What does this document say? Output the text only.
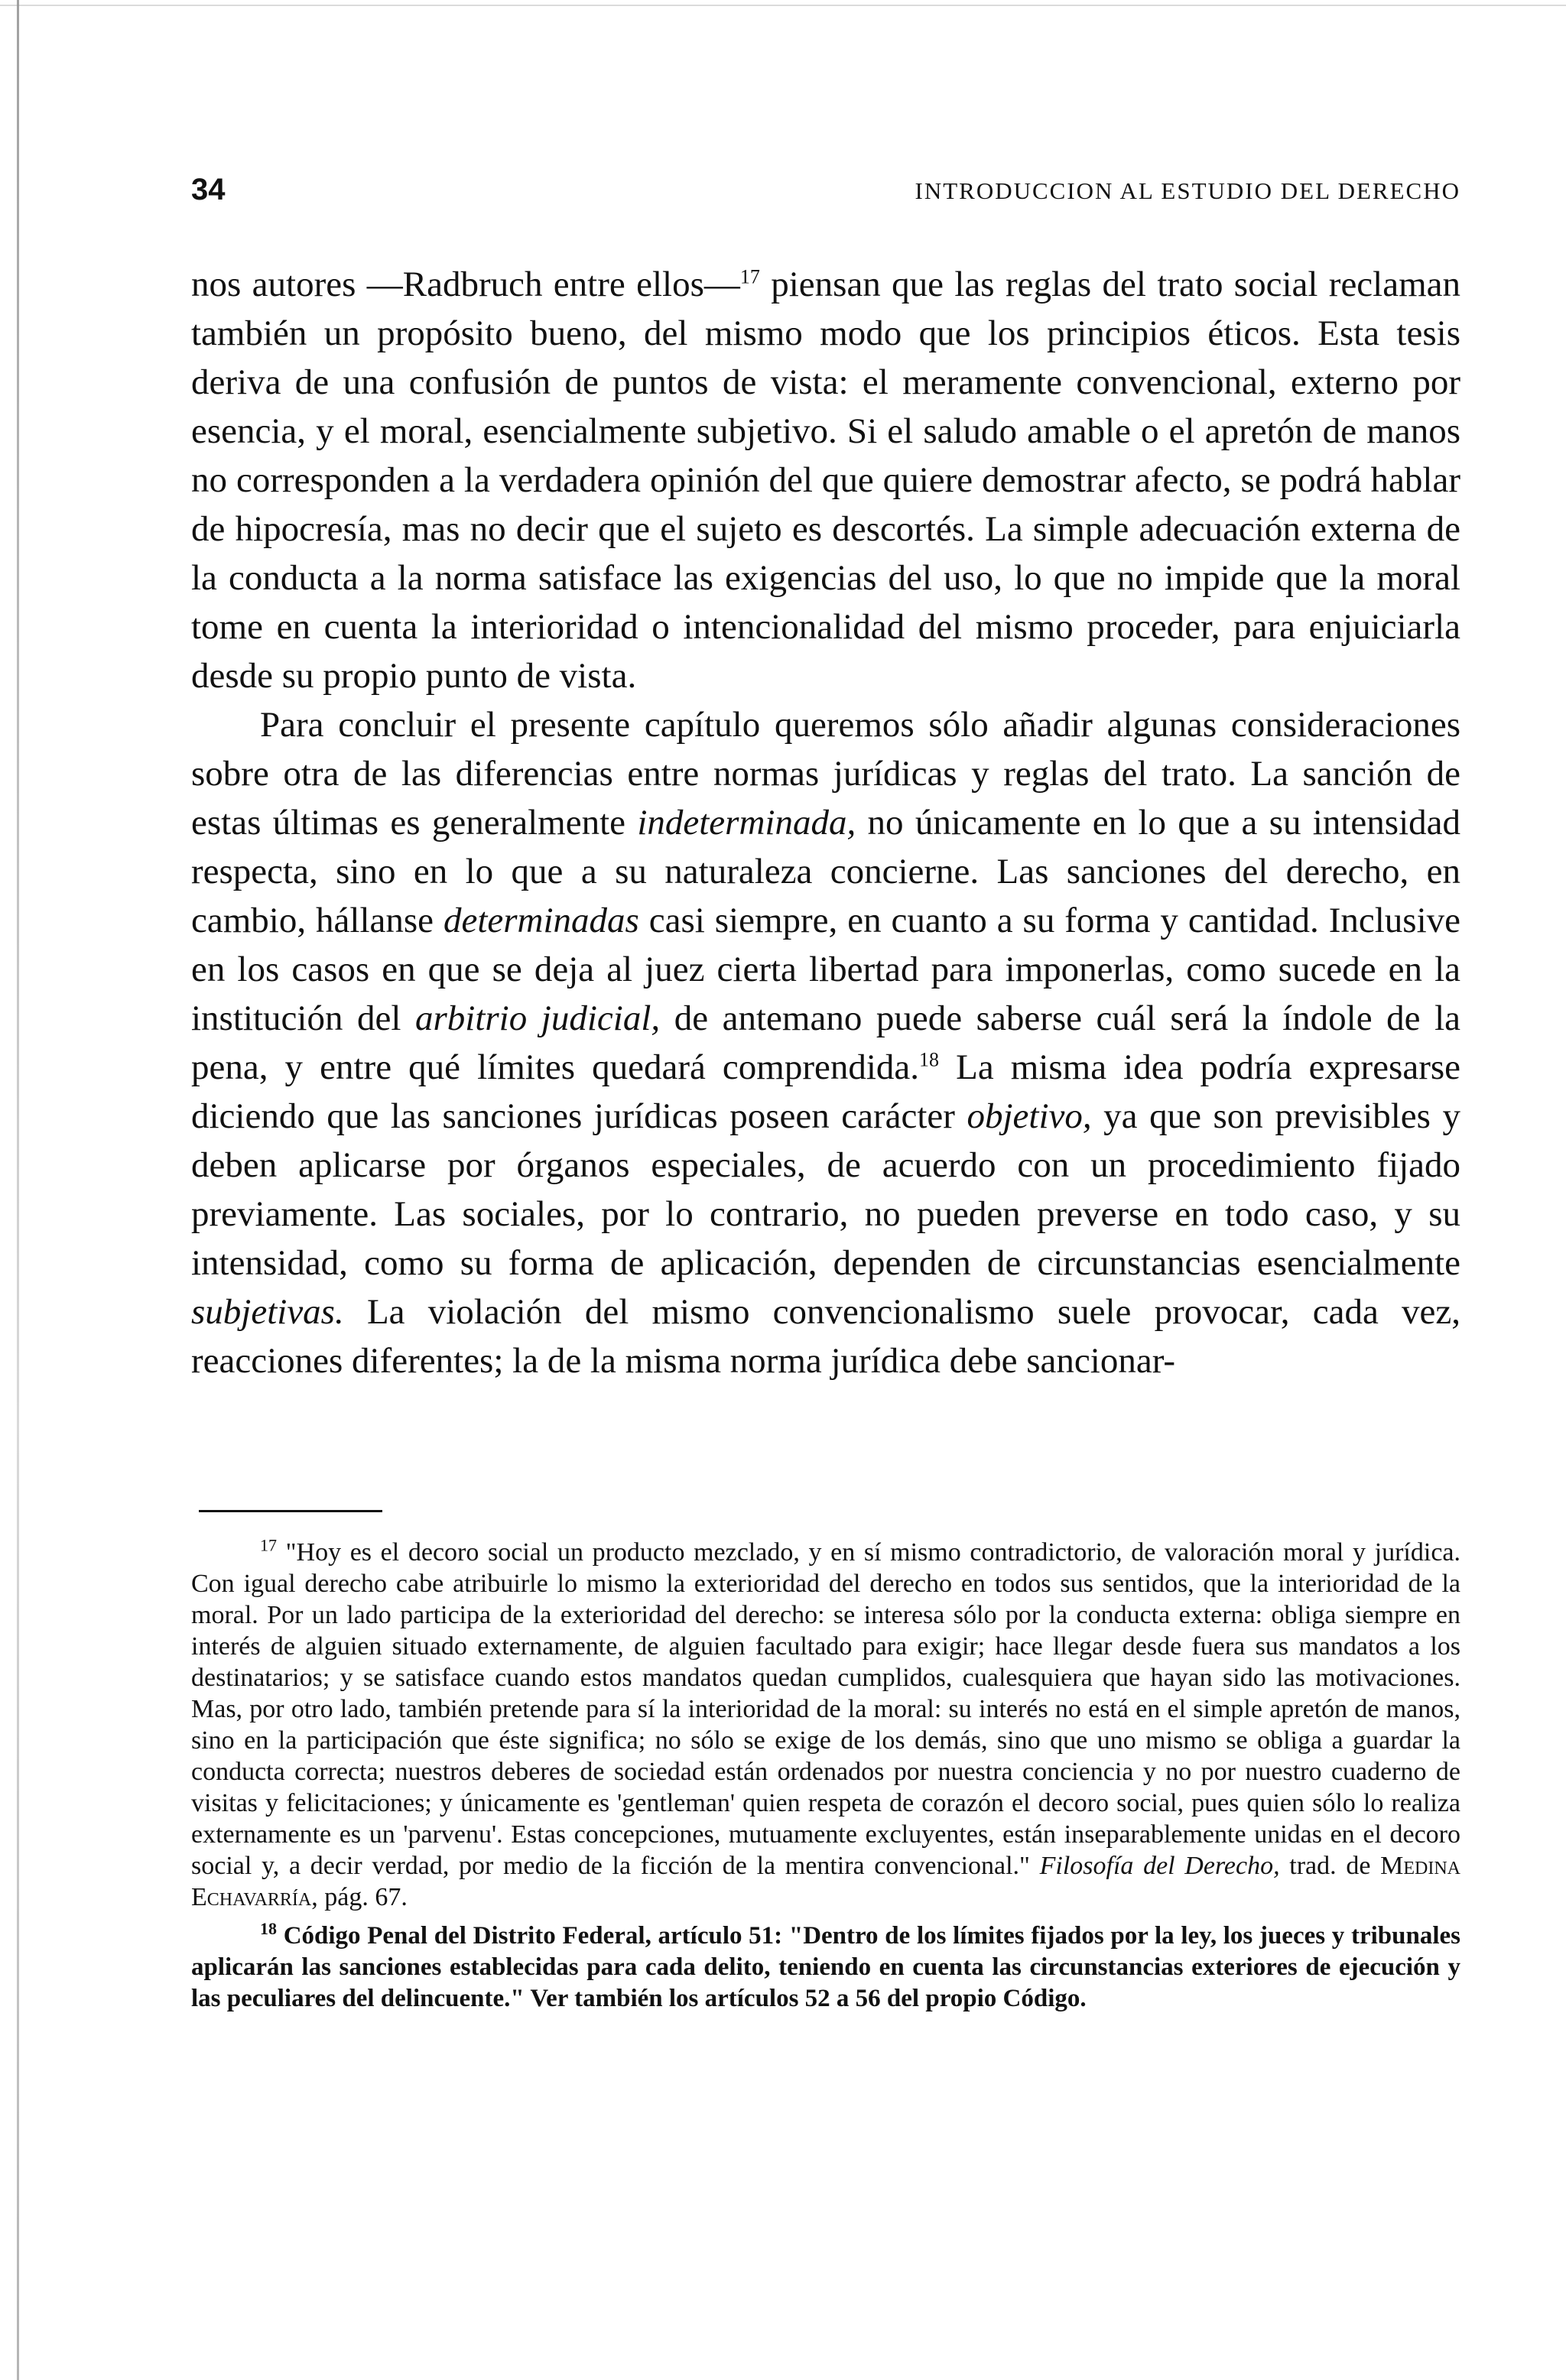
34	INTRODUCCION AL ESTUDIO DEL DERECHO

nos autores —Radbruch entre ellos—$^{17}$ piensan que las reglas del trato social reclaman también un propósito bueno, del mismo modo que los principios éticos. Esta tesis deriva de una confusión de puntos de vista: el meramente convencional, externo por esencia, y el moral, esencialmente subjetivo. Si el saludo amable o el apretón de manos no corresponden a la verdadera opinión del que quiere demostrar afecto, se podrá hablar de hipocresía, mas no decir que el sujeto es descortés. La simple adecuación externa de la conducta a la norma satisface las exigencias del uso, lo que no impide que la moral tome en cuenta la interioridad o intencionalidad del mismo proceder, para enjuiciarla desde su propio punto de vista.

Para concluir el presente capítulo queremos sólo añadir algunas consideraciones sobre otra de las diferencias entre normas jurídicas y reglas del trato. La sanción de estas últimas es generalmente indeterminada, no únicamente en lo que a su intensidad respecta, sino en lo que a su naturaleza concierne. Las sanciones del derecho, en cambio, hállanse determinadas casi siempre, en cuanto a su forma y cantidad. Inclusive en los casos en que se deja al juez cierta libertad para imponerlas, como sucede en la institución del arbitrio judicial, de antemano puede saberse cuál será la índole de la pena, y entre qué límites quedará comprendida.$^{18}$ La misma idea podría expresarse diciendo que las sanciones jurídicas poseen carácter objetivo, ya que son previsibles y deben aplicarse por órganos especiales, de acuerdo con un procedimiento fijado previamente. Las sociales, por lo contrario, no pueden preverse en todo caso, y su intensidad, como su forma de aplicación, dependen de circunstancias esencialmente subjetivas. La violación del mismo convencionalismo suele provocar, cada vez, reacciones diferentes; la de la misma norma jurídica debe sancionar-

$^{17}$ "Hoy es el decoro social un producto mezclado, y en sí mismo contradictorio, de valoración moral y jurídica. Con igual derecho cabe atribuirle lo mismo la exterioridad del derecho en todos sus sentidos, que la interioridad de la moral. Por un lado participa de la exterioridad del derecho: se interesa sólo por la conducta externa: obliga siempre en interés de alguien situado externamente, de alguien facultado para exigir; hace llegar desde fuera sus mandatos a los destinatarios; y se satisface cuando estos mandatos quedan cumplidos, cualesquiera que hayan sido las motivaciones. Mas, por otro lado, también pretende para sí la interioridad de la moral: su interés no está en el simple apretón de manos, sino en la participación que éste significa; no sólo se exige de los demás, sino que uno mismo se obliga a guardar la conducta correcta; nuestros deberes de sociedad están ordenados por nuestra conciencia y no por nuestro cuaderno de visitas y felicitaciones; y únicamente es 'gentleman' quien respeta de corazón el decoro social, pues quien sólo lo realiza externamente es un 'parvenu'. Estas concepciones, mutuamente excluyentes, están inseparablemente unidas en el decoro social y, a decir verdad, por medio de la ficción de la mentira convencional." Filosofía del Derecho, trad. de Medina Echavarría, pág. 67.

$^{18}$ Código Penal del Distrito Federal, artículo 51: "Dentro de los límites fijados por la ley, los jueces y tribunales aplicarán las sanciones establecidas para cada delito, teniendo en cuenta las circunstancias exteriores de ejecución y las peculiares del delincuente." Ver también los artículos 52 a 56 del propio Código.
